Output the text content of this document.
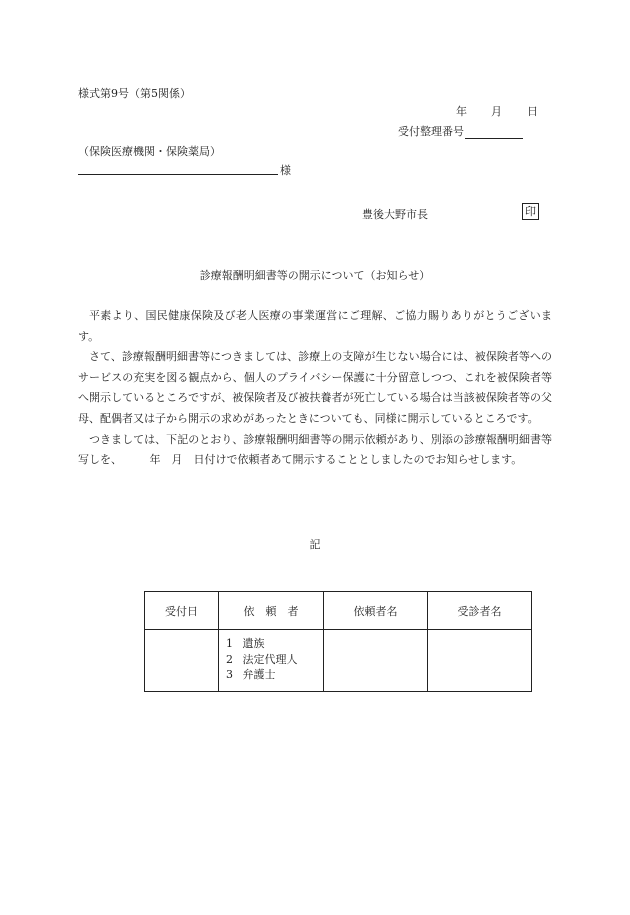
様式第9号（第5関係）
年 月 日
受付整理番号
（保険医療機関・保険薬局）
様
豊後大野市長	印
診療報酬明細書等の開示について（お知らせ）

平素より、国民健康保険及び老人医療の事業運営にご理解、ご協力賜りありがとうございます。

さて、診療報酬明細書等につきましては、診療上の支障が生じない場合には、被保険者等へのサービスの充実を図る観点から、個人のプライバシー保護に十分留意しつつ、これを被保険者等へ開示しているところですが、被保険者及び被扶養者が死亡している場合は当該被保険者等の父母、配偶者又は子から開示の求めがあったときについても、同様に開示しているところです。

つきましては、下記のとおり、診療報酬明細書等の開示依頼があり、別添の診療報酬明細書等写しを、　　　年　月　日付けで依頼者あて開示することとしましたのでお知らせします。

記
受付日	依　頼　者	依頼者名	受診者名

	1 遺族
2 法定代理人
3 弁護士		
